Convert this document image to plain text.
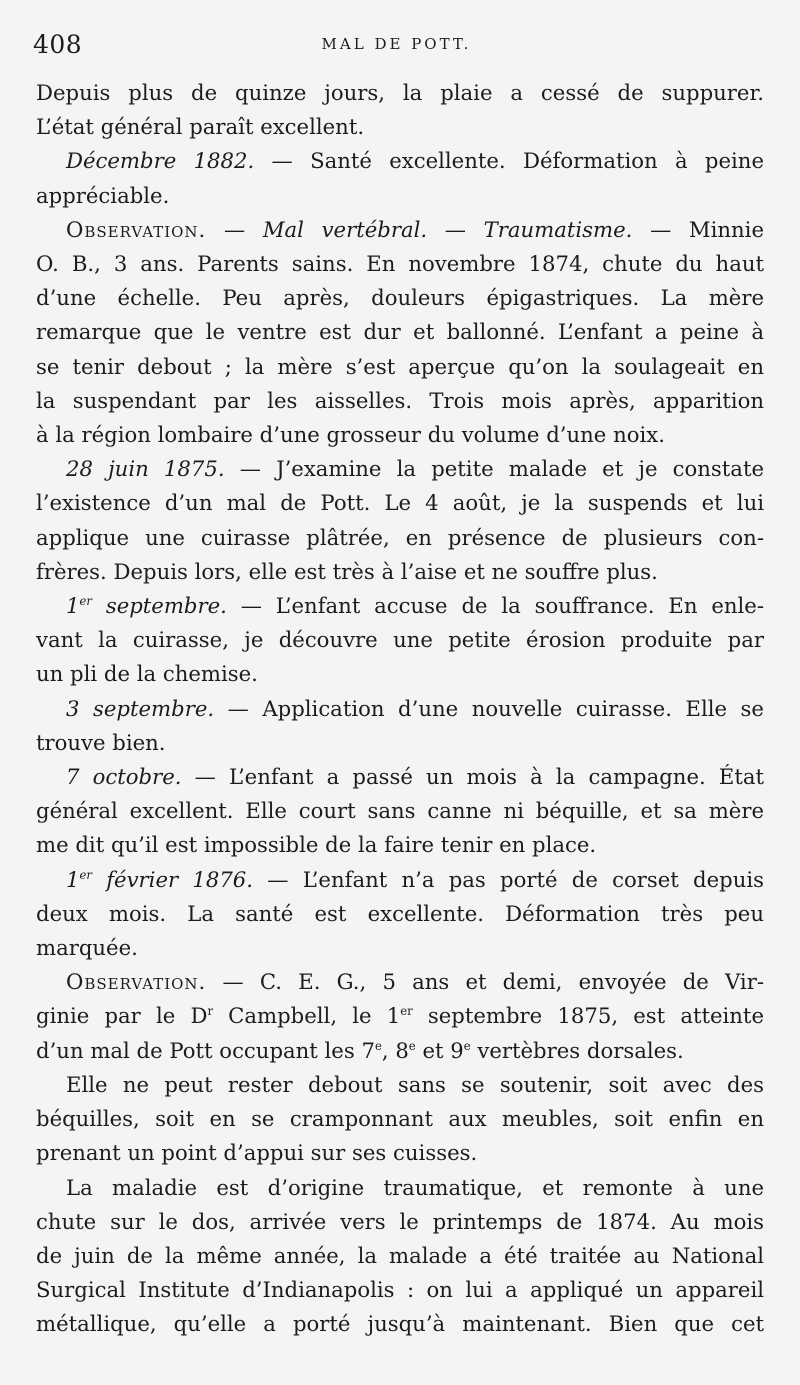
408	MAL DE POTT.

Depuis plus de quinze jours, la plaie a cessé de suppurer.
L’état général paraît excellent.

Décembre 1882. — Santé excellente. Déformation à peine
appréciable.

Observation. — Mal vertébral. — Traumatisme. — Minnie
O. B., 3 ans. Parents sains. En novembre 1874, chute du haut
d’une échelle. Peu après, douleurs épigastriques. La mère
remarque que le ventre est dur et ballonné. L’enfant a peine à
se tenir debout ; la mère s’est aperçue qu’on la soulageait en
la suspendant par les aisselles. Trois mois après, apparition
à la région lombaire d’une grosseur du volume d’une noix.

28 juin 1875. — J’examine la petite malade et je constate
l’existence d’un mal de Pott. Le 4 août, je la suspends et lui
applique une cuirasse plâtrée, en présence de plusieurs con-
frères. Depuis lors, elle est très à l’aise et ne souffre plus.

1er septembre. — L’enfant accuse de la souffrance. En enle-
vant la cuirasse, je découvre une petite érosion produite par
un pli de la chemise.

3 septembre. — Application d’une nouvelle cuirasse. Elle se
trouve bien.

7 octobre. — L’enfant a passé un mois à la campagne. État
général excellent. Elle court sans canne ni béquille, et sa mère
me dit qu’il est impossible de la faire tenir en place.

1er février 1876. — L’enfant n’a pas porté de corset depuis
deux mois. La santé est excellente. Déformation très peu
marquée.

Observation. — C. E. G., 5 ans et demi, envoyée de Vir-
ginie par le $D^r$ Campbell, le 1er septembre 1875, est atteinte
d’un mal de Pott occupant les 7e, 8e et 9e vertèbres dorsales.

Elle ne peut rester debout sans se soutenir, soit avec des
béquilles, soit en se cramponnant aux meubles, soit enfin en
prenant un point d’appui sur ses cuisses.

La maladie est d’origine traumatique, et remonte à une
chute sur le dos, arrivée vers le printemps de 1874. Au mois
de juin de la même année, la malade a été traitée au National
Surgical Institute d’Indianapolis : on lui a appliqué un appareil
métallique, qu’elle a porté jusqu’à maintenant. Bien que cet
